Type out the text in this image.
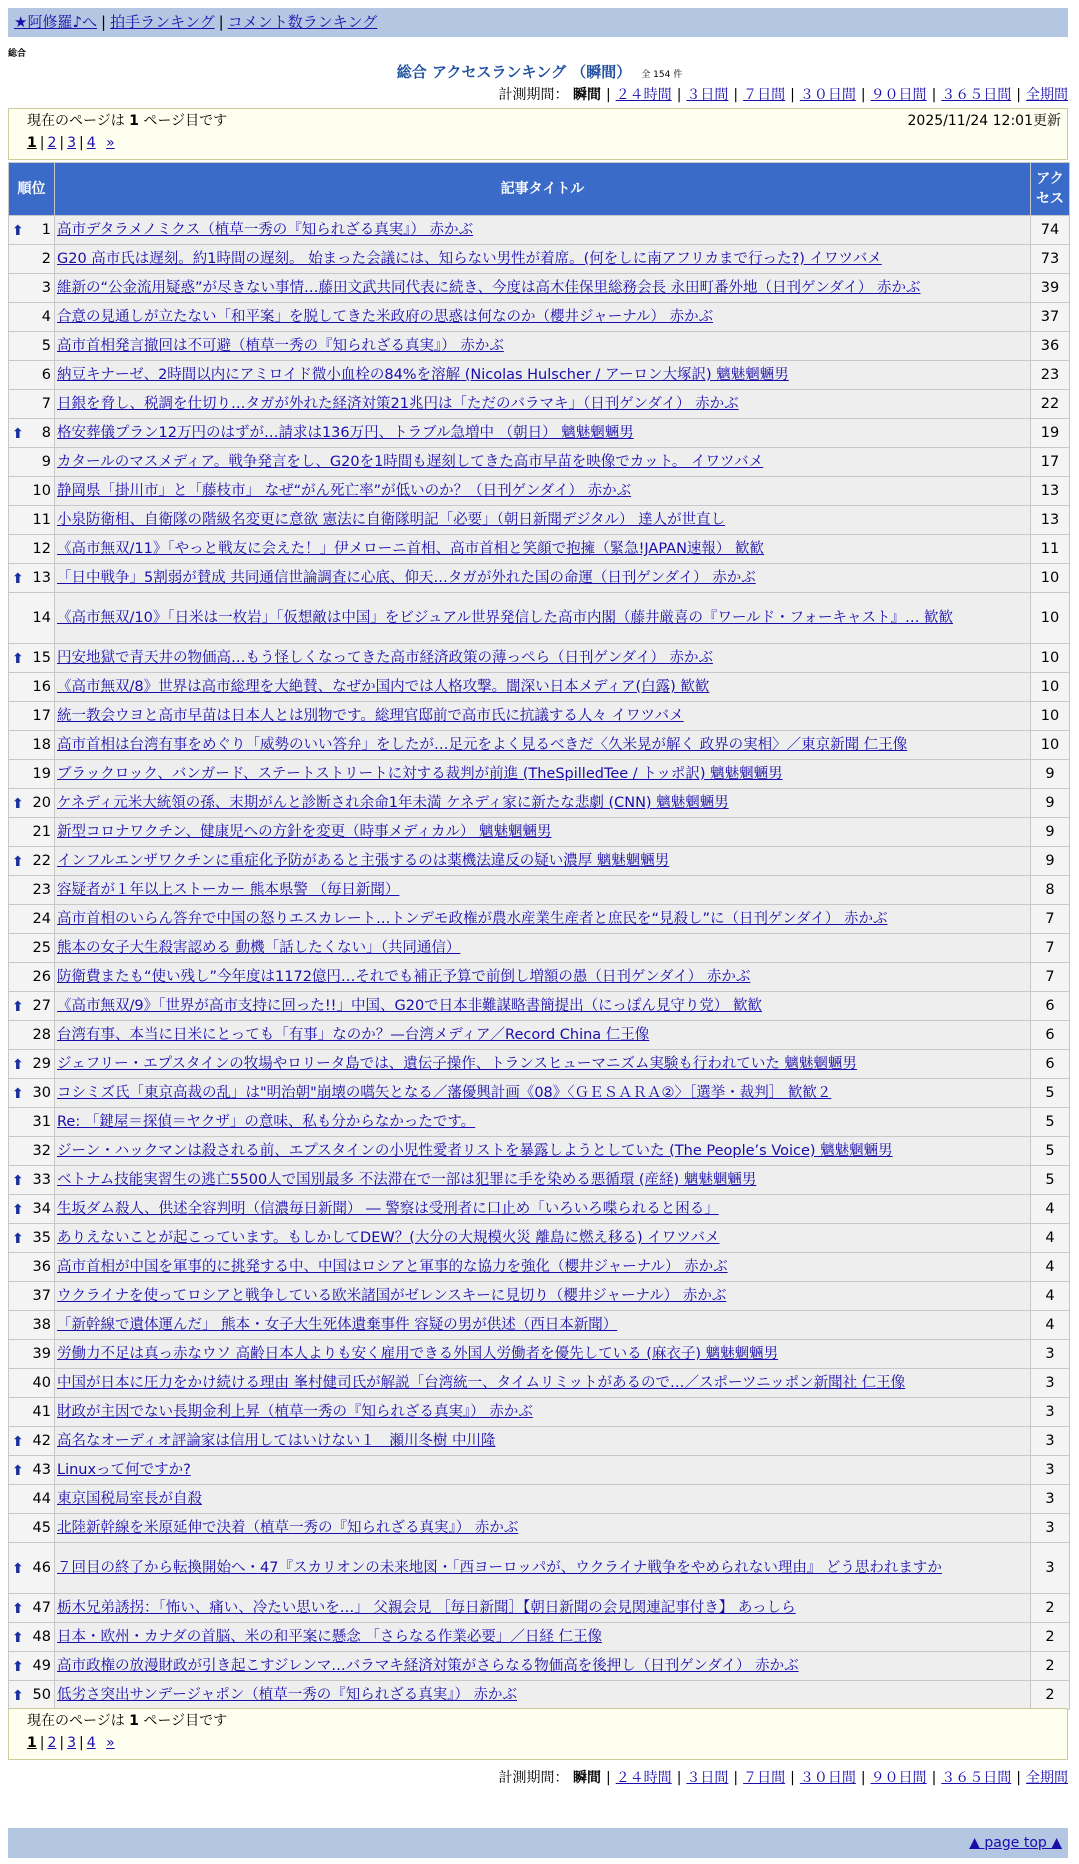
★阿修羅♪へ | 拍手ランキング | コメント数ランキング
総合
総合 アクセスランキング （瞬間） 全 154 件
計測期間： 瞬間 | ２４時間 | ３日間 | ７日間 | ３０日間 | ９０日間 | ３６５日間 | 全期間
現在のページは 1 ページ目です	2025/11/24 12:01更新
1 | 2 | 3 | 4 »
順位	記事タイトル	アクセス

⬆ 1	高市デタラメノミクス（植草一秀の『知られざる真実』） 赤かぶ	74
2	G20 高市氏は遅刻。約1時間の遅刻。 始まった会議には、知らない男性が着席。(何をしに南アフリカまで行った?) イワツバメ	73
3	維新の“公金流用疑惑”が尽きない事情…藤田文武共同代表に続き、今度は高木佳保里総務会長 永田町番外地（日刊ゲンダイ） 赤かぶ	39
4	合意の見通しが立たない「和平案」を脱してきた米政府の思惑は何なのか（櫻井ジャーナル） 赤かぶ	37
5	高市首相発言撤回は不可避（植草一秀の『知られざる真実』） 赤かぶ	36
6	納豆キナーゼ、2時間以内にアミロイド微小血栓の84%を溶解 (Nicolas Hulscher / アーロン大塚訳) 魑魅魍魎男	23
7	日銀を脅し、税調を仕切り…タガが外れた経済対策21兆円は「ただのバラマキ」（日刊ゲンダイ） 赤かぶ	22

⬆ 8	格安葬儀プラン12万円のはずが…請求は136万円、トラブル急増中 （朝日） 魑魅魍魎男	19
9	カタールのマスメディア。戦争発言をし、G20を1時間も遅刻してきた高市早苗を映像でカット。 イワツバメ	17
10	静岡県「掛川市」と「藤枝市」 なぜ“がん死亡率”が低いのか？（日刊ゲンダイ） 赤かぶ	13
11	小泉防衛相、自衛隊の階級名変更に意欲 憲法に自衛隊明記「必要」（朝日新聞デジタル） 達人が世直し	13
12	《高市無双/11》「やっと戦友に会えた！」伊メローニ首相、高市首相と笑顔で抱擁（緊急!JAPAN速報） 歓歓	11

⬆ 13	「日中戦争」5割弱が賛成 共同通信世論調査に心底、仰天…タガが外れた国の命運（日刊ゲンダイ） 赤かぶ	10
14	《高市無双/10》「日米は一枚岩」「仮想敵は中国」をビジュアル世界発信した高市内閣（藤井厳喜の『ワールド・フォーキャスト』… 歓歓	10

⬆ 15	円安地獄で青天井の物価高…もう怪しくなってきた高市経済政策の薄っぺら（日刊ゲンダイ） 赤かぶ	10
16	《高市無双/8》世界は高市総理を大絶賛、なぜか国内では人格攻撃。闇深い日本メディア(白露) 歓歓	10
17	統一教会ウヨと高市早苗は日本人とは別物です。総理官邸前で高市氏に抗議する人々 イワツバメ	10
18	高市首相は台湾有事をめぐり「威勢のいい答弁」をしたが…足元をよく見るべきだ〈久米晃が解く 政界の実相〉／東京新聞 仁王像	10
19	ブラックロック、バンガード、ステートストリートに対する裁判が前進 (TheSpilledTee / トッポ訳) 魑魅魍魎男	9

⬆ 20	ケネディ元米大統領の孫、末期がんと診断され余命1年未満 ケネディ家に新たな悲劇 (CNN) 魑魅魍魎男	9
21	新型コロナワクチン、健康児への方針を変更（時事メディカル） 魑魅魍魎男	9

⬆ 22	インフルエンザワクチンに重症化予防があると主張するのは薬機法違反の疑い濃厚 魑魅魍魎男	9
23	容疑者が１年以上ストーカー 熊本県警 （毎日新聞）	8
24	高市首相のいらん答弁で中国の怒りエスカレート…トンデモ政権が農水産業生産者と庶民を“見殺し”に（日刊ゲンダイ） 赤かぶ	7
25	熊本の女子大生殺害認める 動機「話したくない」（共同通信）	7
26	防衛費またも“使い残し”今年度は1172億円…それでも補正予算で前倒し増額の愚（日刊ゲンダイ） 赤かぶ	7

⬆ 27	《高市無双/9》「世界が高市支持に回った!!」中国、G20で日本非難謀略書簡提出（にっぽん見守り党） 歓歓	6
28	台湾有事、本当に日米にとっても「有事」なのか？—台湾メディア／Record China 仁王像	6

⬆ 29	ジェフリー・エプスタインの牧場やロリータ島では、遺伝子操作、トランスヒューマニズム実験も行われていた 魑魅魍魎男	6

⬆ 30	コシミズ氏「東京高裁の乱」は"明治朝"崩壊の嚆矢となる／藩優興計画《08》〈ＧＥＳＡＲＡ②〉［選挙・裁判］ 歓歓２	5
31	Re: 「鍵屋＝探偵＝ヤクザ」の意味、私も分からなかったです。	5
32	ジーン・ハックマンは殺される前、エプスタインの小児性愛者リストを暴露しようとしていた (The People’s Voice) 魑魅魍魎男	5

⬆ 33	ベトナム技能実習生の逃亡5500人で国別最多 不法滞在で一部は犯罪に手を染める悪循環 (産経) 魑魅魍魎男	5

⬆ 34	生坂ダム殺人、供述全容判明（信濃毎日新聞） ― 警察は受刑者に口止め「いろいろ喋られると困る」	4

⬆ 35	ありえないことが起こっています。もしかしてDEW？(大分の大規模火災 離島に燃え移る) イワツバメ	4
36	高市首相が中国を軍事的に挑発する中、中国はロシアと軍事的な協力を強化（櫻井ジャーナル） 赤かぶ	4
37	ウクライナを使ってロシアと戦争している欧米諸国がゼレンスキーに見切り（櫻井ジャーナル） 赤かぶ	4
38	「新幹線で遺体運んだ」 熊本・女子大生死体遺棄事件 容疑の男が供述（西日本新聞）	4
39	労働力不足は真っ赤なウソ 高齢日本人よりも安く雇用できる外国人労働者を優先している (麻衣子) 魑魅魍魎男	3
40	中国が日本に圧力をかけ続ける理由 峯村健司氏が解説「台湾統一、タイムリミットがあるので…／スポーツニッポン新聞社 仁王像	3
41	財政が主因でない長期金利上昇（植草一秀の『知られざる真実』） 赤かぶ	3

⬆ 42	高名なオーディオ評論家は信用してはいけない１＿瀬川冬樹 中川隆	3

⬆ 43	Linuxって何ですか?	3
44	東京国税局室長が自殺	3
45	北陸新幹線を米原延伸で決着（植草一秀の『知られざる真実』） 赤かぶ	3

⬆ 46	７回目の終了から転換開始へ・47『スカリオンの未来地図・「西ヨーロッパが、ウクライナ戦争をやめられない理由』 どう思われますか	3

⬆ 47	栃木兄弟誘拐：「怖い、痛い、冷たい思いを…」 父親会見 ［毎日新聞］【朝日新聞の会見関連記事付き】 あっしら	2

⬆ 48	日本・欧州・カナダの首脳、米の和平案に懸念 「さらなる作業必要」／日経 仁王像	2

⬆ 49	高市政権の放漫財政が引き起こすジレンマ…バラマキ経済対策がさらなる物価高を後押し（日刊ゲンダイ） 赤かぶ	2

⬆ 50	低劣さ突出サンデージャポン（植草一秀の『知られざる真実』） 赤かぶ	2
現在のページは 1 ページ目です
1 | 2 | 3 | 4 »
計測期間： 瞬間 | ２４時間 | ３日間 | ７日間 | ３０日間 | ９０日間 | ３６５日間 | 全期間
▲ page top ▲
